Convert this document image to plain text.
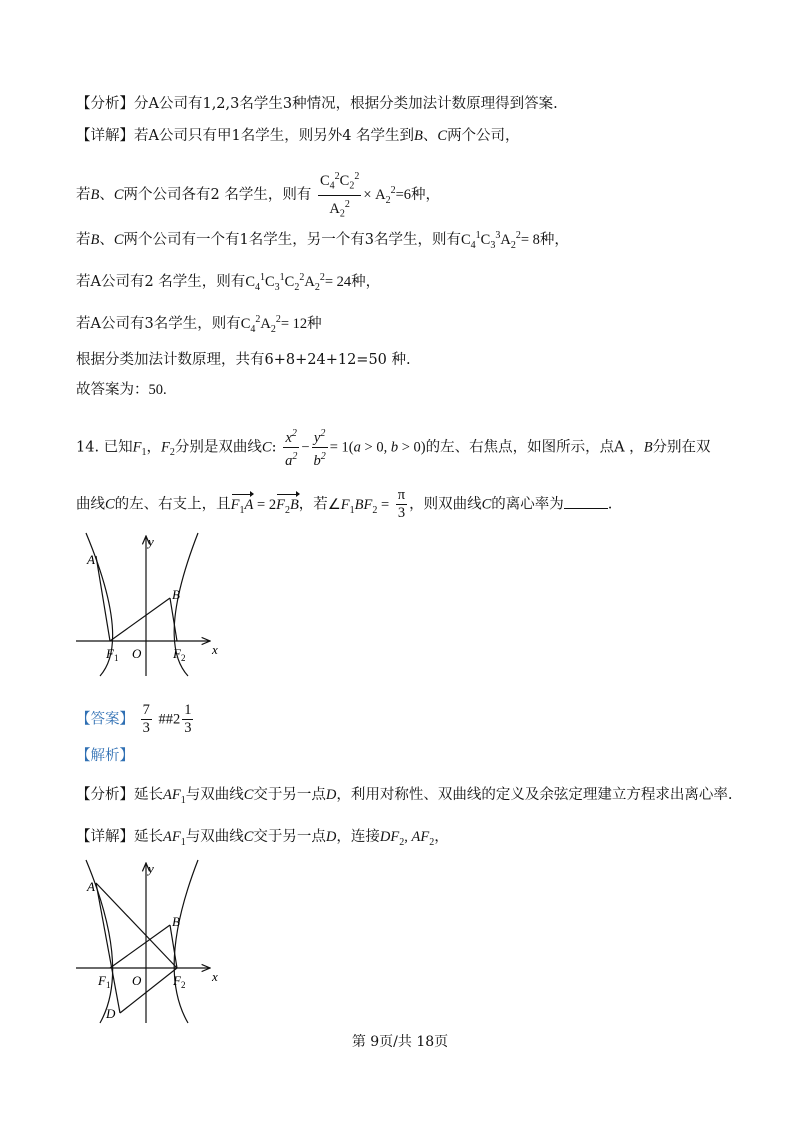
【分析】分A公司有1,2,3名学生3种情况，根据分类加法计数原理得到答案.
【详解】若A公司只有甲1名学生，则另外4 名学生到B、C两个公司，
若B、C两个公司各有2 名学生，则有 $\frac{C_4^2C_2^2}{A_2^2} \times A_2^2=6$种，
若B、C两个公司有一个有1名学生，另一个有3名学生，则有$C_4^1C_3^3A_2^2= 8$种，
若A公司有2 名学生，则有$C_4^1C_3^1C_2^2A_2^2= 24$种，
若A公司有3名学生，则有$C_4^2A_2^2= 12$种
根据分类加法计数原理，共有6+8+24+12=50 种.
故答案为：50.
14. 已知$F_1$，$F_2$分别是双曲线C: $\frac{x^2}{a^2} - \frac{y^2}{b^2} = 1(a > 0$, b > 0)的左、右焦点，如图所示，点A ，B分别在双
曲线C的左、右支上，且$F_1A = 2F_2B$，若$\angle F_1BF_2 = \frac{\pi}{3}$ ，则双曲线C的离心率为	.
y
x
A
B
F 1 O F 2
【答案】 $\frac{7}{3}$ ##2 $\frac{1}{3}$
【解析】
【分析】延长$AF_1$与双曲线C交于另一点D，利用对称性、双曲线的定义及余弦定理建立方程求出离心率.
【详解】延长$AF_1$与双曲线C交于另一点D，连接$DF_2$, $AF_2$，
y
x
A
B
D
F 1 O F 2
第 9页/共 18页
